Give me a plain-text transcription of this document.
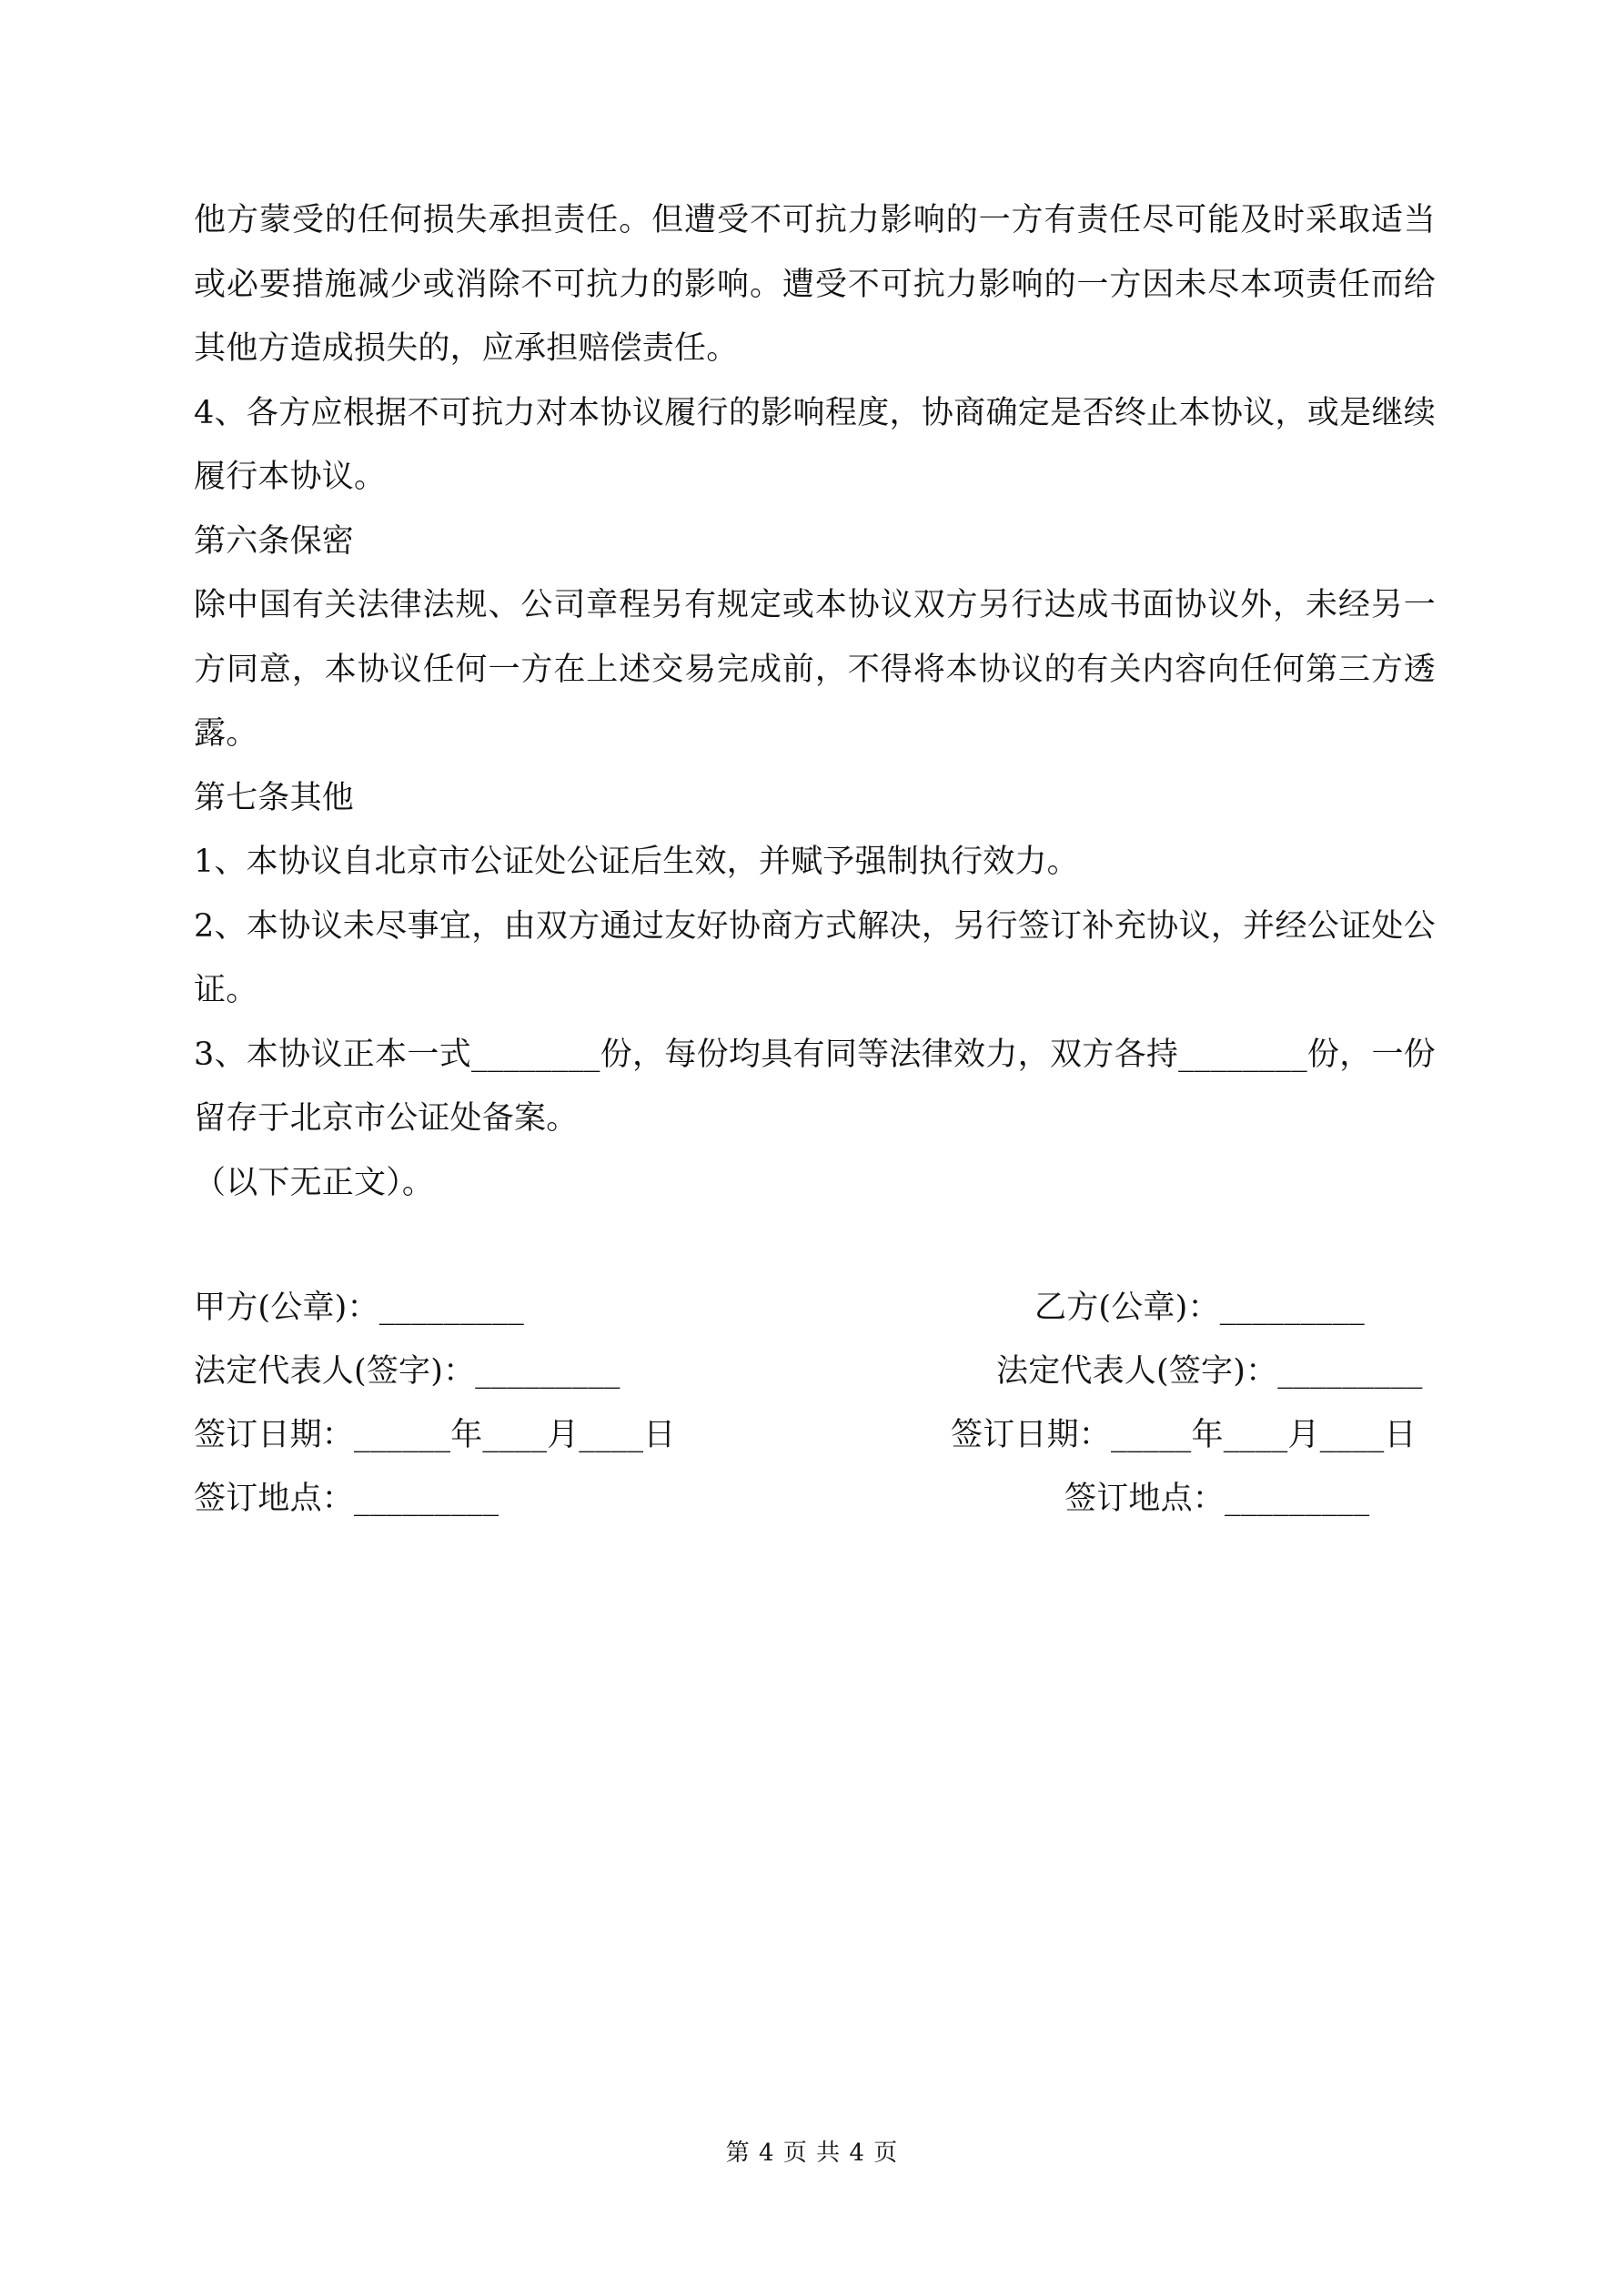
他方蒙受的任何损失承担责任。但遭受不可抗力影响的一方有责任尽可能及时采取适当或必要措施减少或消除不可抗力的影响。遭受不可抗力影响的一方因未尽本项责任而给其他方造成损失的，应承担赔偿责任。

4、各方应根据不可抗力对本协议履行的影响程度，协商确定是否终止本协议，或是继续履行本协议。

第六条保密

除中国有关法律法规、公司章程另有规定或本协议双方另行达成书面协议外，未经另一方同意，本协议任何一方在上述交易完成前，不得将本协议的有关内容向任何第三方透露。

第七条其他

1、本协议自北京市公证处公证后生效，并赋予强制执行效力。

2、本协议未尽事宜，由双方通过友好协商方式解决，另行签订补充协议，并经公证处公证。

3、本协议正本一式________份，每份均具有同等法律效力，双方各持________份，一份留存于北京市公证处备案。

（以下无正文）。

甲方(公章)：_________
法定代表人(签字)：_________
签订日期：______年____月____日
签订地点：_________
乙方(公章)：_________
法定代表人(签字)：_________
签订日期：_____年____月____日
签订地点：_________
第 4 页 共 4 页
